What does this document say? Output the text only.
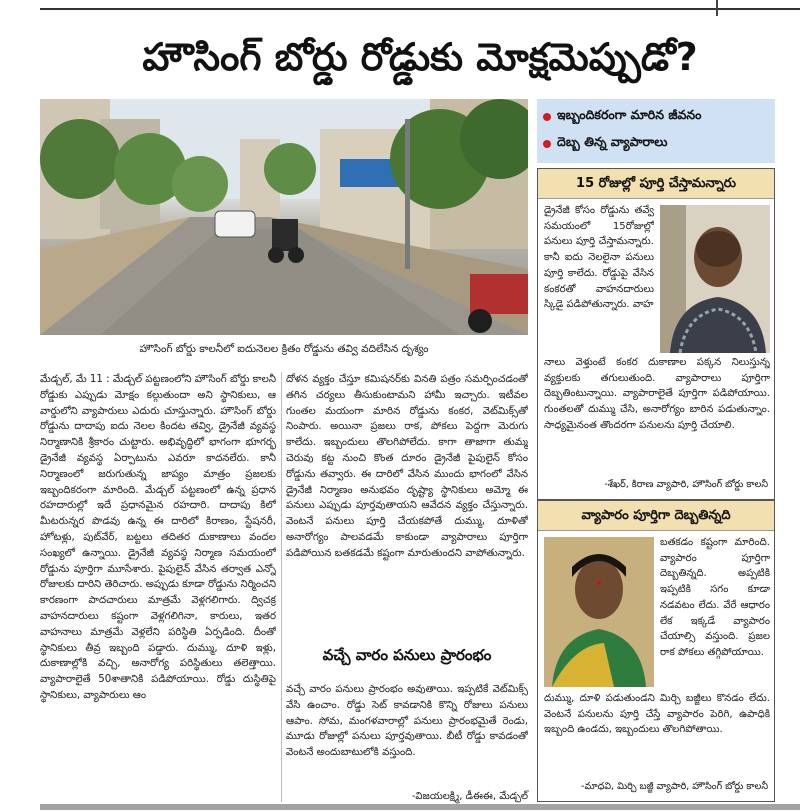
హౌసింగ్ బోర్డు రోడ్డుకు మోక్షమెప్పుడో?
హౌసింగ్ బోర్డు కాలనీలో ఐదునెలల క్రితం రోడ్డును తవ్వి వదిలేసిన దృశ్యం

మేడ్చల్‌, మే 11 : మేడ్చల్‌ పట్టణంలోని హౌసింగ్‌ బోర్డు కాలనీ రోడ్డుకు ఎప్పుడు మోక్షం కల్గుతుందా అని స్థానికులు, ఆ వార్డులోని వ్యాపారులు ఎదురు చూస్తున్నారు. హౌసింగ్‌ బోర్డు రోడ్డును దాదాపు ఐదు నెలల కిందట తవ్వి, డ్రైనేజీ వ్యవస్థ నిర్మాణానికి శ్రీకారం చుట్టారు. అభివృద్ధిలో భాగంగా భూగర్భ డ్రైనేజీ వ్యవస్థ ఏర్పాటును ఎవరూ కాదనలేరు. కానీ నిర్మాణంలో జరుగుతున్న జాప్యం మాత్రం ప్రజలకు ఇబ్బందికరంగా మారింది. మేడ్చల్‌ పట్టణంలో ఉన్న ప్రధాన రహదారుల్లో ఇదే ప్రధానమైన రహదారి. దాదాపు కిలో మీటరున్నర పొడవు ఉన్న ఈ దారిలో కిరాణం, స్టేషనరీ, హోటళ్లు, పుట్‌వేర్‌, బట్టలు తదితర దుకాణాలు వందల సంఖ్యలో ఉన్నాయి. డ్రైనేజీ వ్యవస్థ నిర్మాణ సమయంలో రోడ్డును పూర్తిగా మూసేశారు. పైపులైన్‌ వేసిన తర్వాత ఎన్నో రోజులకు దారిని తెరిచారు. అప్పుడు కూడా రోడ్డును నిర్మించని కారణంగా పాదచారులు మాత్రమే వెళ్లగలిగారు. ద్విచక్ర వాహనదారులు కష్టంగా వెళ్లగలిగినా, కారులు, ఇతర వాహనాలు మాత్రమే వెళ్లలేని పరిస్థితి ఏర్పడింది. దీంతో స్థానికులు తీవ్ర ఇబ్బంది పడ్డారు. దుమ్ము, దూళి ఇళ్లు, దుకాణాల్లోకి వచ్చి, అనారోగ్య పరిస్థితులు తలెత్తాయి. వ్యాపారాలైతే 50శాతానికి పడిపోయాయి. రోడ్డు దుస్థితిపై స్థానికులు, వ్యాపారులు ఆం

దోళన వ్యక్తం చేస్తూ కమిషనర్‌కు వినతి పత్రం సమర్పించడంతో తగిన చర్యలు తీసుకుంటామని హామీ ఇచ్చారు. ఇటీవల గుంతల మయంగా మారిన రోడ్డును కంకర, వెట్‌మిక్స్‌తో నింపారు. అయినా ప్రజలు రాక, పోకలు పెద్దగా మెరుగు కాలేదు. ఇబ్బందులు తొలగిపోలేదు. కాగా తాజాగా తుమ్మ చెరువు కట్ట నుంచి కొంత దూరం డ్రైనేజీ పైపులైన్‌ కోసం రోడ్డును తవ్వారు. ఈ దారిలో వేసిన ముందు భాగంలో వేసిన డ్రైనేజీ నిర్మాణం అనుభవం దృష్ట్యా స్థానికులు అమ్మో ఈ పనులు ఎప్పుడు పూర్తవుతాయని ఆవేదన వ్యక్తం చేస్తున్నారు. వెంటనే పనులు పూర్తి చేయకపోతే దుమ్ము, దూళితో అనారోగ్యం పాలవడమే కాకుండా వ్యాపారాలు పూర్తిగా పడిపోయిన బతకడమే కష్టంగా మారుతుందని వాపోతున్నారు.

వచ్చే వారం పనులు ప్రారంభం

వచ్చే వారం పనులు ప్రారంభం అవుతాయి. ఇప్పటికే వెట్‌మిక్స్‌ వేసి ఉంచాం. రోడ్డు సెట్‌ కావడానికి కొన్ని రోజులు పనులు ఆపాం. సోమ, మంగళవారాల్లో పనులు ప్రారంభమైతే రెండు, మూడు రోజుల్లో పనులు పూర్తవుతాయి. బీటీ రోడ్డు కావడంతో వెంటనే అందుబాటులోకి వస్తుంది.

-విజయలక్ష్మి, డీఈఈ, మేడ్చల్‌
ఇబ్బందికరంగా మారిన జీవనం
దెబ్బ తిన్న వ్యాపారాలు
15 రోజుల్లో పూర్తి చేస్తామన్నారు
డ్రైనేజీ కోసం రోడ్డును తవ్వే సమయంలో 15రోజుల్లో పనులు పూర్తి చేస్తామన్నారు. కానీ ఐదు నెలలైనా పనులు పూర్తి కాలేదు. రోడ్డుపై వేసిన కంకరతో వాహనదారులు స్కిడై పడిపోతున్నారు. వాహ
నాలు వెళ్తుంటే కంకర దుకాణాల పక్కన నిలుస్తున్న వ్యక్తులకు తగులుతుంది. వ్యాపారాలు పూర్తిగా దెబ్బతింటున్నాయి. వ్యాపారాలైతే పూర్తిగా పడిపోయాయి. గుంతలతో దుమ్ము చేసి, అనారోగ్యం బారిన పడుతున్నాం. సాధ్యమైనంత తొందరగా పనులను పూర్తి చేయాలి.
-శేఖర్‌, కిరాణ వ్యాపారి, హౌసింగ్‌ బోర్డు కాలనీ
వ్యాపారం పూర్తిగా దెబ్బతిన్నది
బతకడం కష్టంగా మారింది. వ్యాపారం పూర్తిగా దెబ్బతిన్నది. అప్పటికి ఇప్పటికి సగం కూడా నడవటం లేదు. వేరే ఆధారం లేక ఇక్కడే వ్యాపారం చేయాల్సి వస్తుంది. ప్రజల రాక పోకలు తగ్గిపోయాయి.
దుమ్ము, దూళి పడుతుండని మిర్చి బజ్జీలు కొనడం లేదు. వెంటనే పనులను పూర్తి చేస్తే వ్యాపారం పెరిగి, ఉపాధికి ఇబ్బంది ఉండదు, ఇబ్బందులు తొలగిపోతాయి.
-మాధవి, మిర్చి బజ్జీ వ్యాపారి, హౌసింగ్‌ బోర్డు కాలనీ
